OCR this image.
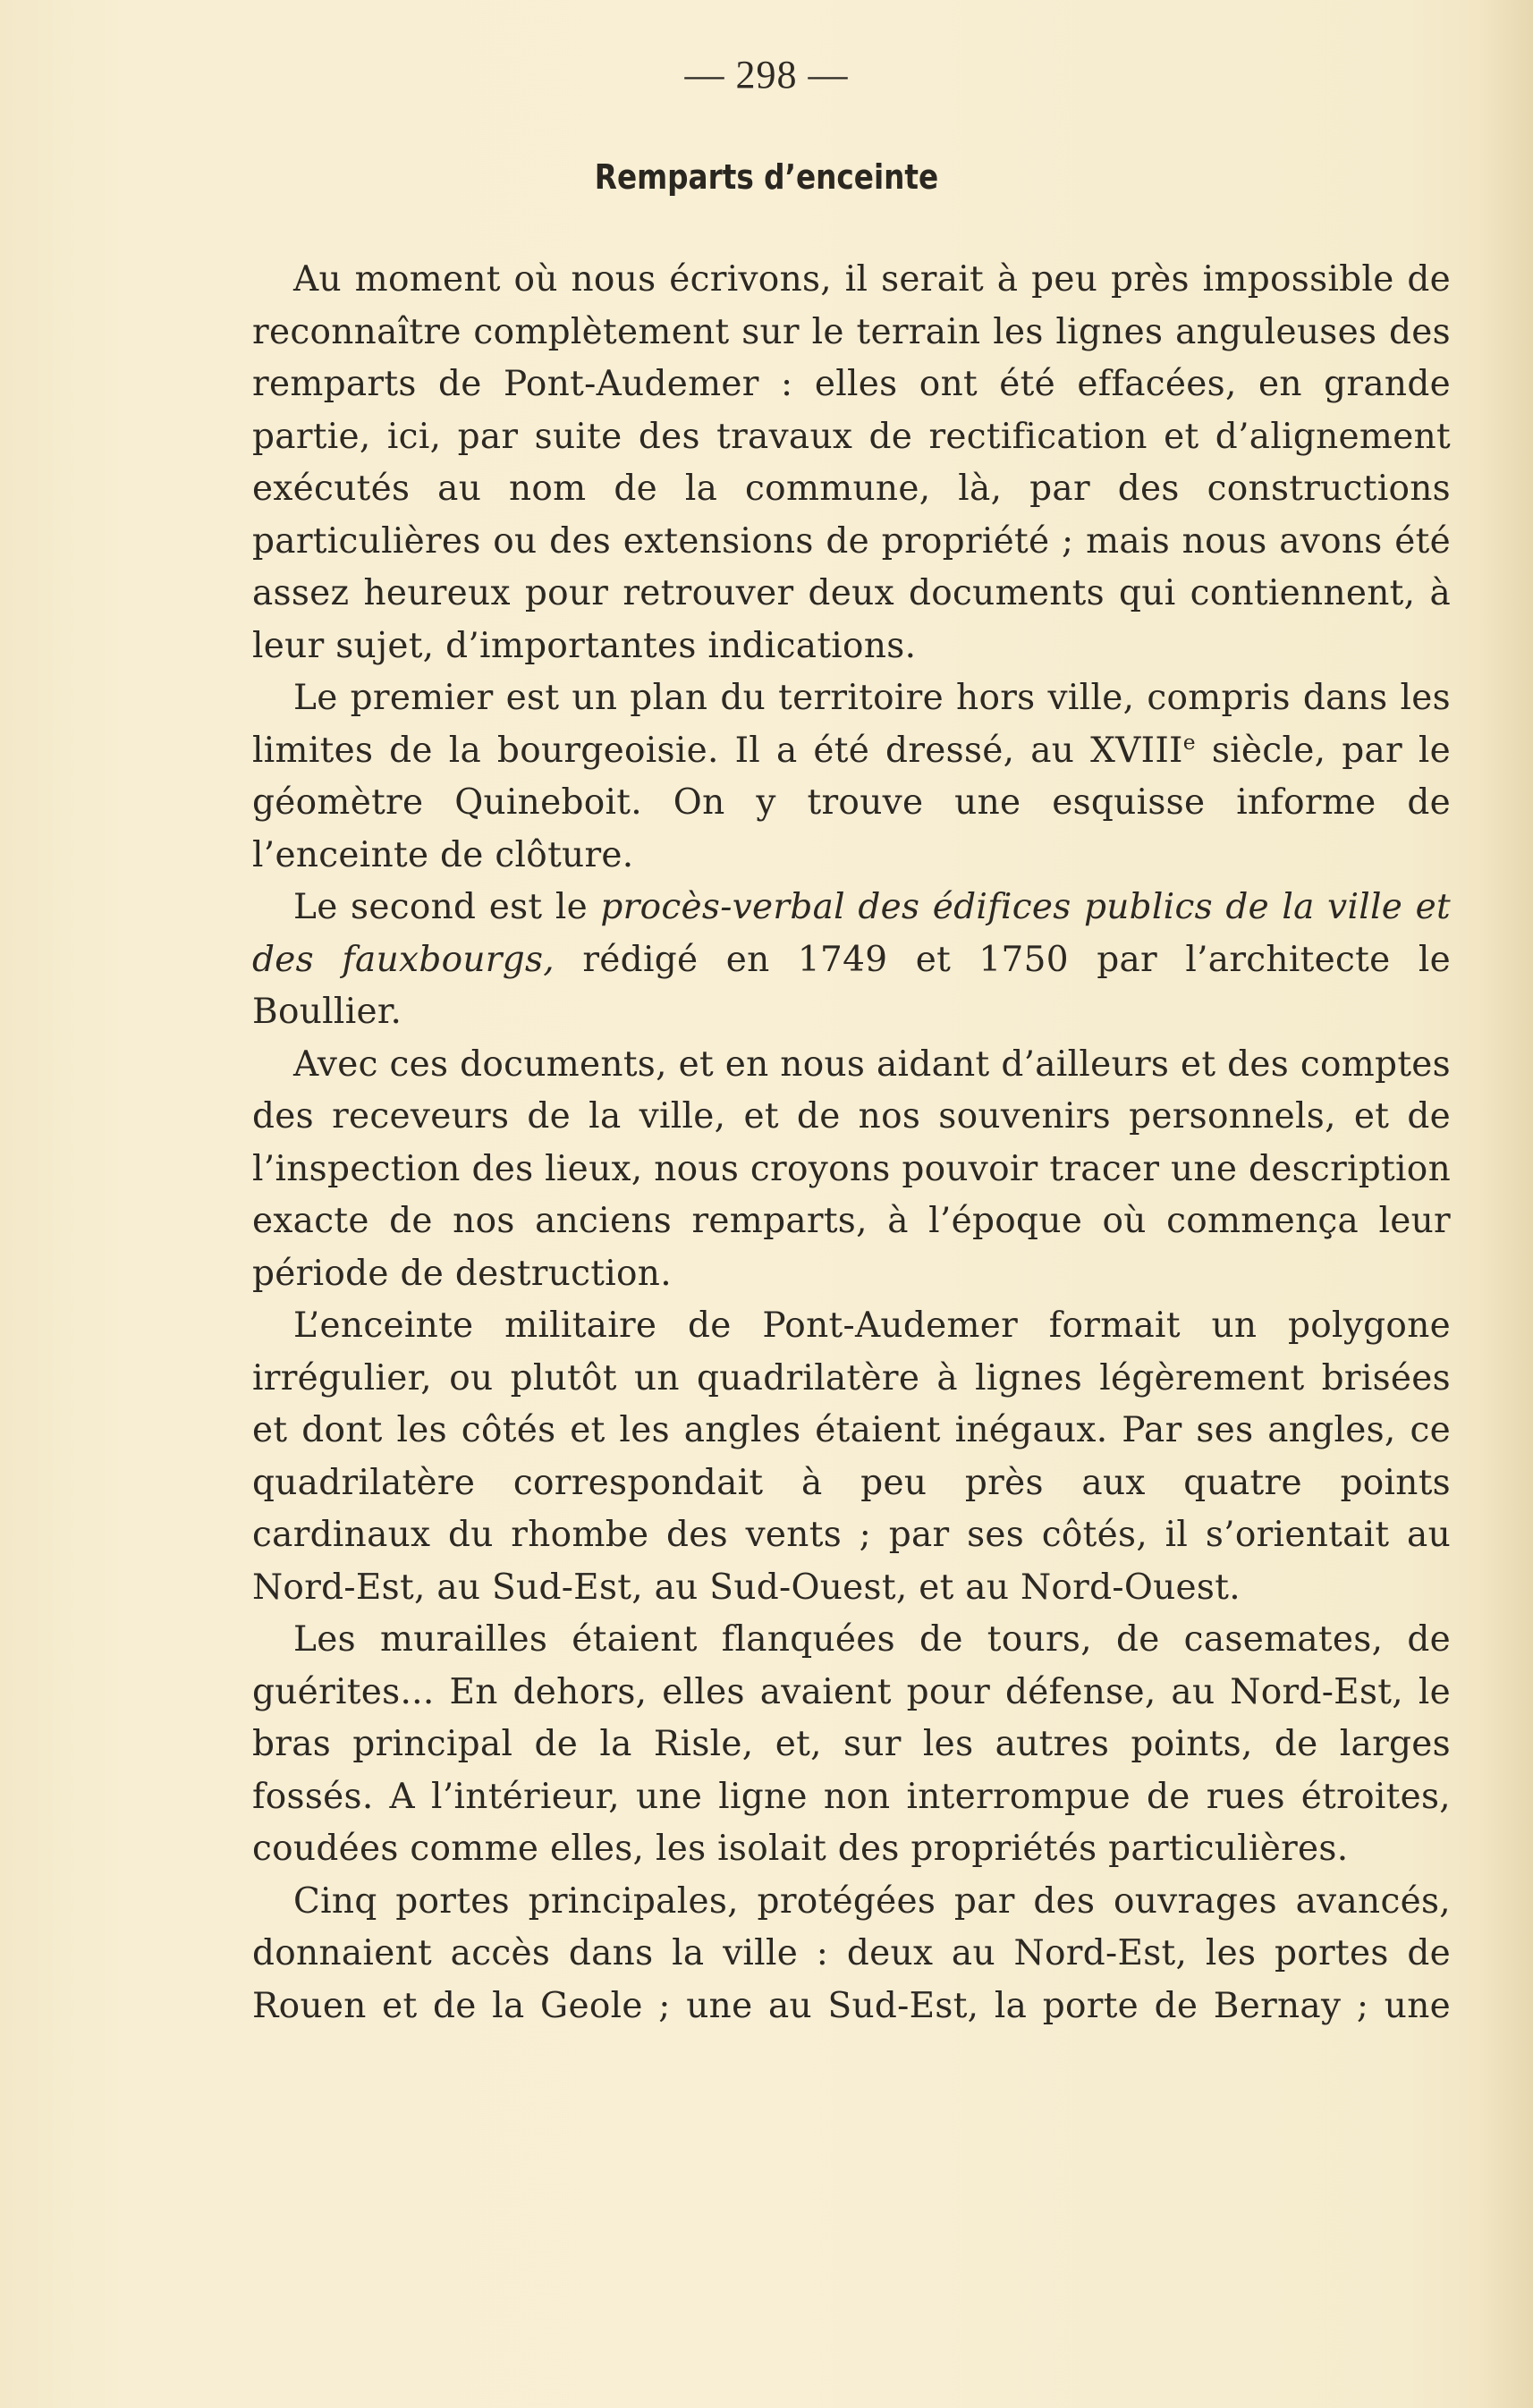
— 298 —
Remparts d’enceinte

Au moment où nous écrivons, il serait à peu près impossible de reconnaître complètement sur le terrain les lignes anguleuses des remparts de Pont-Audemer : elles ont été effacées, en grande partie, ici, par suite des travaux de rectification et d’alignement exécutés au nom de la commune, là, par des constructions particulières ou des extensions de propriété ; mais nous avons été assez heureux pour retrouver deux documents qui contiennent, à leur sujet, d’importantes indications.

Le premier est un plan du territoire hors ville, compris dans les limites de la bourgeoisie. Il a été dressé, au XVIIIe siècle, par le géomètre Quineboit. On y trouve une esquisse informe de l’enceinte de clôture.

Le second est le procès-verbal des édifices publics de la ville et des fauxbourgs, rédigé en 1749 et 1750 par l’architecte le Boullier.

Avec ces documents, et en nous aidant d’ailleurs et des comptes des receveurs de la ville, et de nos souvenirs personnels, et de l’inspection des lieux, nous croyons pouvoir tracer une description exacte de nos anciens remparts, à l’époque où commença leur période de destruction.

L’enceinte militaire de Pont-Audemer formait un polygone irrégulier, ou plutôt un quadrilatère à lignes légèrement brisées et dont les côtés et les angles étaient inégaux. Par ses angles, ce quadrilatère correspondait à peu près aux quatre points cardinaux du rhombe des vents ; par ses côtés, il s’orientait au Nord-Est, au Sud-Est, au Sud-Ouest, et au Nord-Ouest.

Les murailles étaient flanquées de tours, de casemates, de guérites... En dehors, elles avaient pour défense, au Nord-Est, le bras principal de la Risle, et, sur les autres points, de larges fossés. A l’intérieur, une ligne non interrompue de rues étroites, coudées comme elles, les isolait des propriétés particulières.

Cinq portes principales, protégées par des ouvrages avancés, donnaient accès dans la ville : deux au Nord-Est, les portes de Rouen et de la Geole ; une au Sud-Est, la porte de Bernay ; une
